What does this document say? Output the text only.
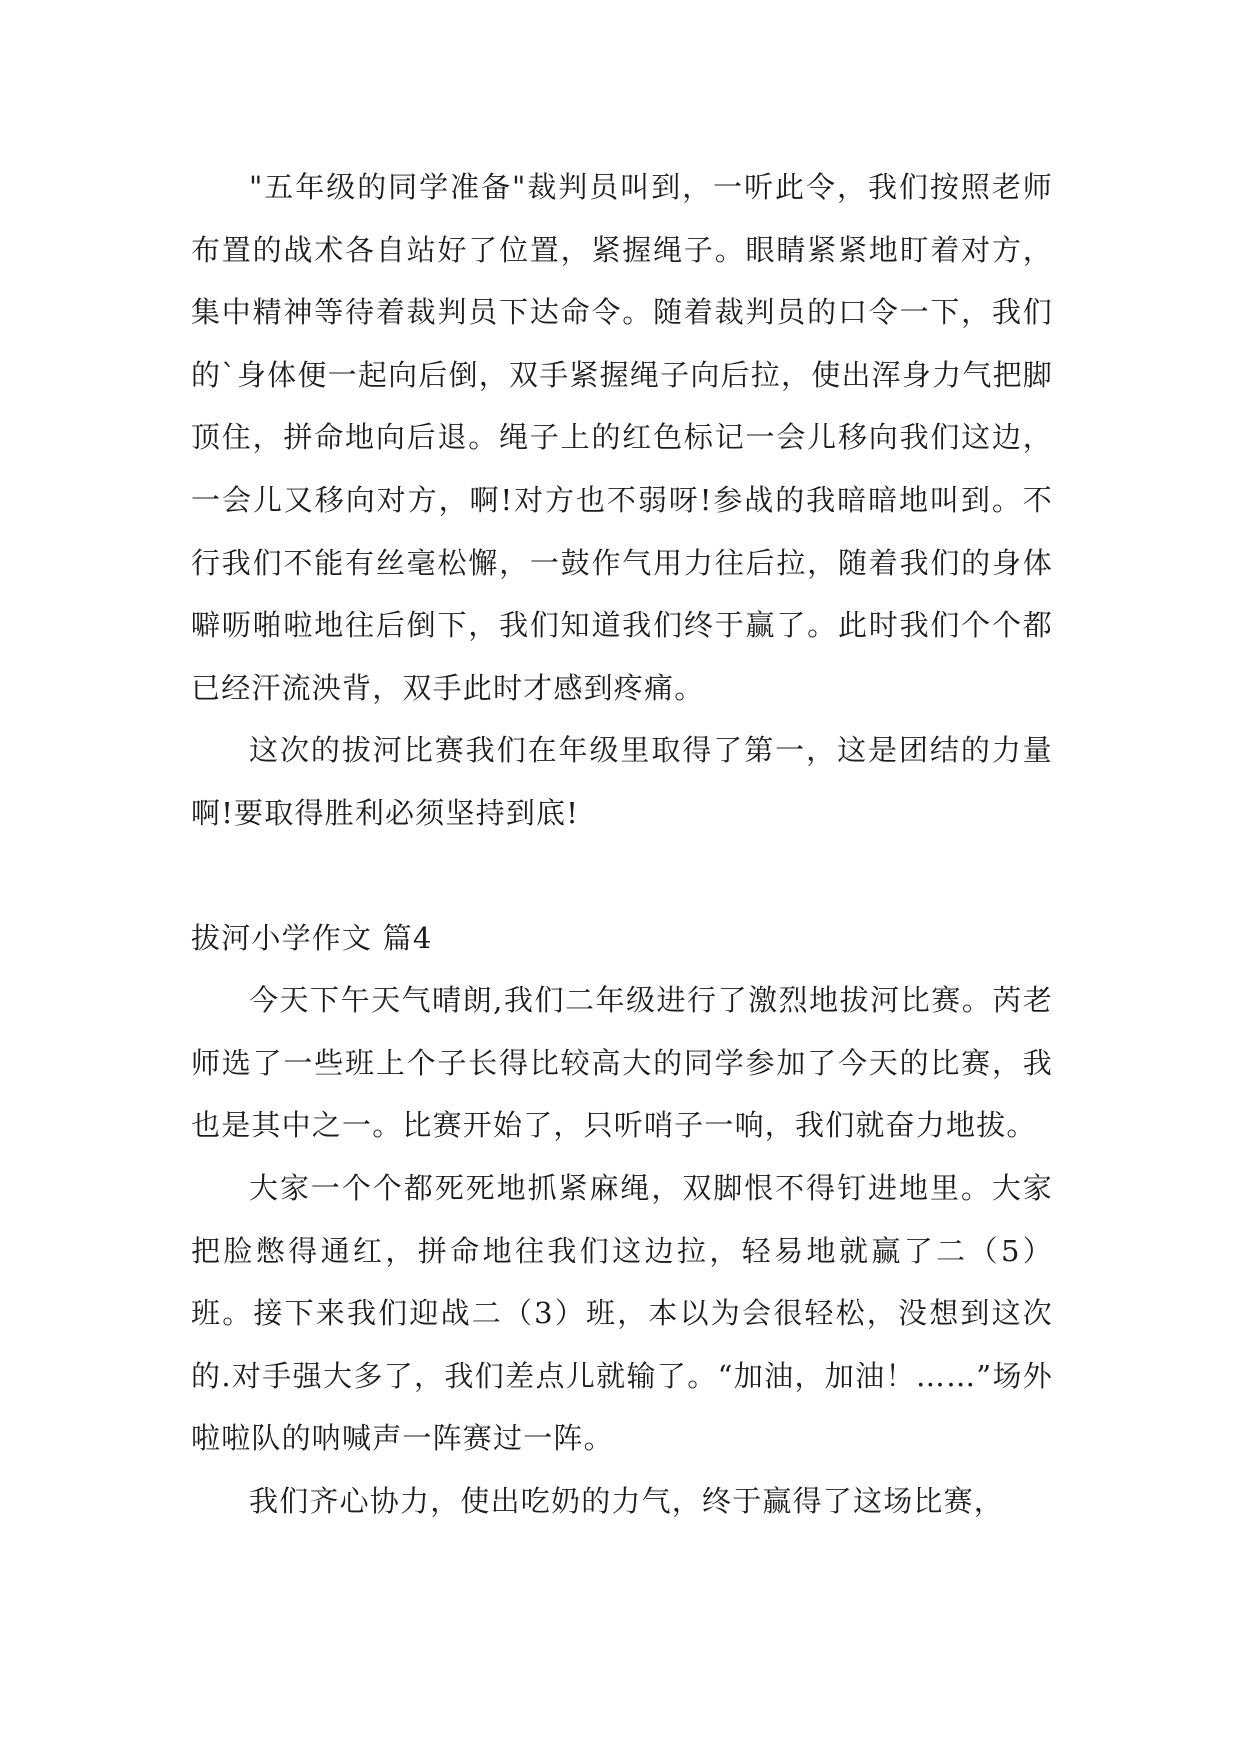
"五年级的同学准备"裁判员叫到，一听此令，我们按照老师布置的战术各自站好了位置，紧握绳子。眼睛紧紧地盯着对方，集中精神等待着裁判员下达命令。随着裁判员的口令一下，我们的`身体便一起向后倒，双手紧握绳子向后拉，使出浑身力气把脚顶住，拼命地向后退。绳子上的红色标记一会儿移向我们这边，一会儿又移向对方，啊!对方也不弱呀!参战的我暗暗地叫到。不行我们不能有丝毫松懈，一鼓作气用力往后拉，随着我们的身体噼呖啪啦地往后倒下，我们知道我们终于赢了。此时我们个个都已经汗流泱背，双手此时才感到疼痛。

这次的拔河比赛我们在年级里取得了第一，这是团结的力量啊!要取得胜利必须坚持到底!

拔河小学作文 篇4

今天下午天气晴朗,我们二年级进行了激烈地拔河比赛。芮老师选了一些班上个子长得比较高大的同学参加了今天的比赛，我也是其中之一。比赛开始了，只听哨子一响，我们就奋力地拔。

大家一个个都死死地抓紧麻绳，双脚恨不得钉进地里。大家把脸憋得通红，拼命地往我们这边拉，轻易地就赢了二（5）班。接下来我们迎战二（3）班，本以为会很轻松，没想到这次的.对手强大多了，我们差点儿就输了。“加油，加油！……”场外啦啦队的呐喊声一阵赛过一阵。

我们齐心协力，使出吃奶的力气，终于赢得了这场比赛，
